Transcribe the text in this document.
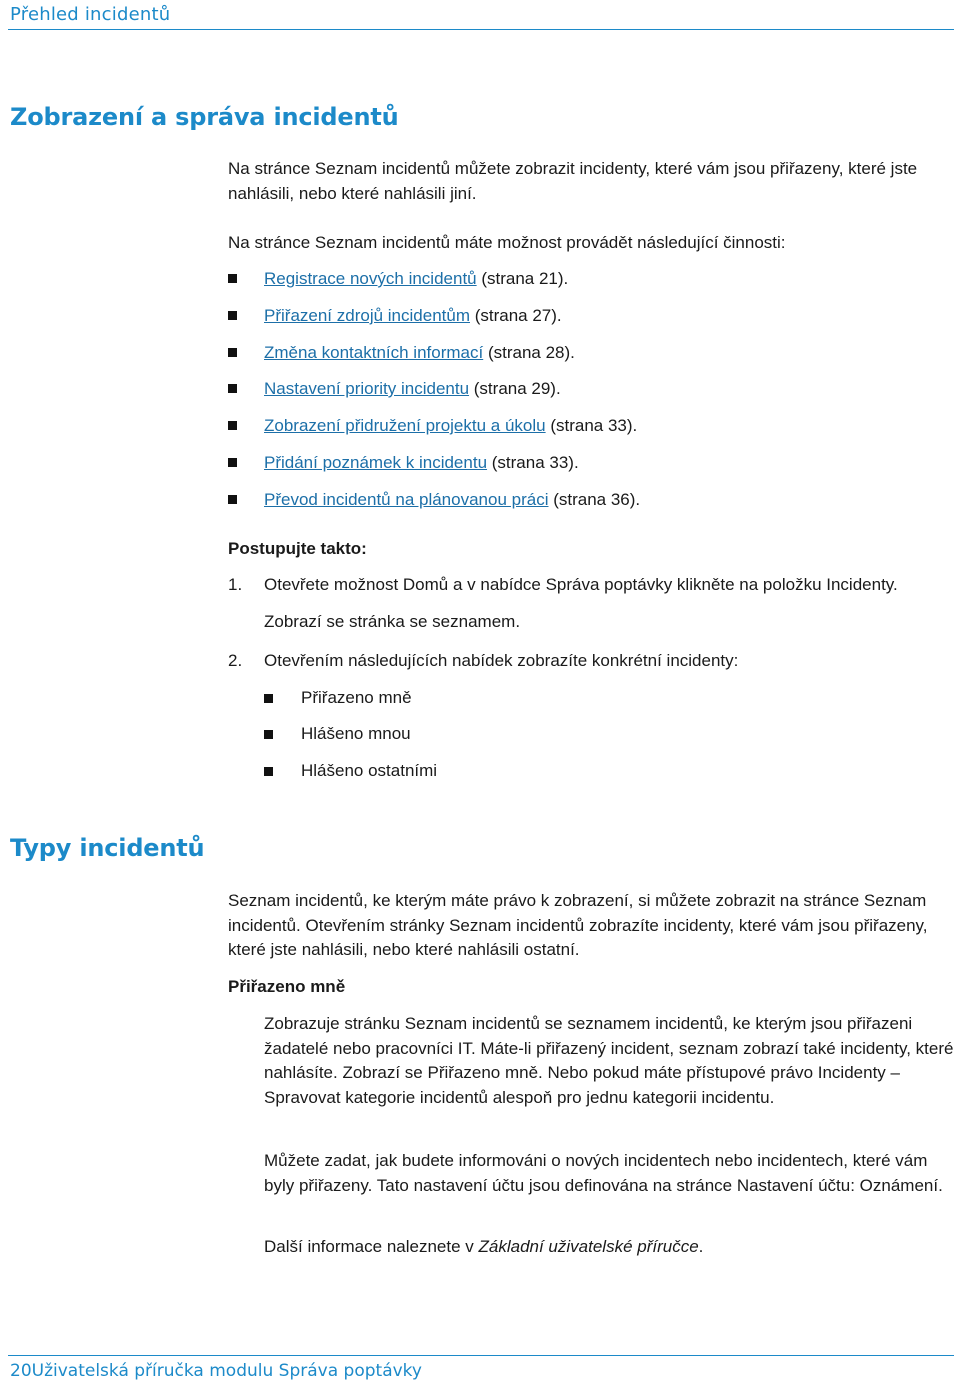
Přehled incidentů
Zobrazení a správa incidentů

Na stránce Seznam incidentů můžete zobrazit incidenty, které vám jsou přiřazeny, které jste nahlásili, nebo které nahlásili jiní.

Na stránce Seznam incidentů máte možnost provádět následující činnosti:

Registrace nových incidentů (strana 21).

Přiřazení zdrojů incidentům (strana 27).

Změna kontaktních informací (strana 28).

Nastavení priority incidentu (strana 29).

Zobrazení přidružení projektu a úkolu (strana 33).

Přidání poznámek k incidentu (strana 33).

Převod incidentů na plánovanou práci (strana 36).

Postupujte takto:

1. Otevřete možnost Domů a v nabídce Správa poptávky klikněte na položku Incidenty.

Zobrazí se stránka se seznamem.

2. Otevřením následujících nabídek zobrazíte konkrétní incidenty:

Přiřazeno mně

Hlášeno mnou

Hlášeno ostatními

Typy incidentů

Seznam incidentů, ke kterým máte právo k zobrazení, si můžete zobrazit na stránce Seznam incidentů. Otevřením stránky Seznam incidentů zobrazíte incidenty, které vám jsou přiřazeny, které jste nahlásili, nebo které nahlásili ostatní.

Přiřazeno mně

Zobrazuje stránku Seznam incidentů se seznamem incidentů, ke kterým jsou přiřazeni žadatelé nebo pracovníci IT. Máte-li přiřazený incident, seznam zobrazí také incidenty, které nahlásíte. Zobrazí se Přiřazeno mně. Nebo pokud máte přístupové právo Incidenty – Spravovat kategorie incidentů alespoň pro jednu kategorii incidentu.

Můžete zadat, jak budete informováni o nových incidentech nebo incidentech, které vám byly přiřazeny. Tato nastavení účtu jsou definována na stránce Nastavení účtu: Oznámení.

Další informace naleznete v Základní uživatelské příručce.

20Uživatelská příručka modulu Správa poptávky
